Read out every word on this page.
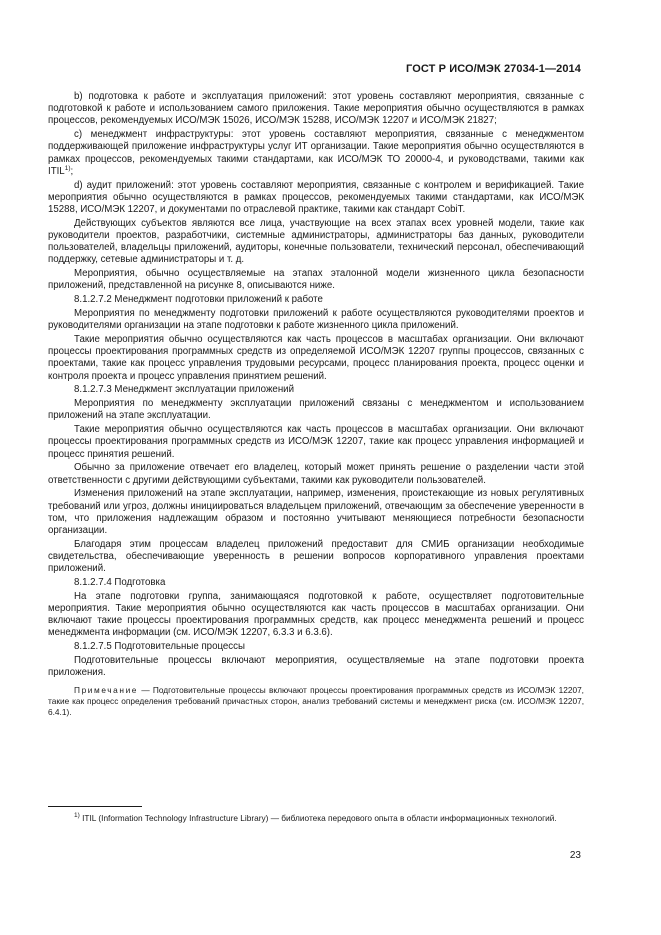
ГОСТ Р ИСО/МЭК 27034-1—2014

b) подготовка к работе и эксплуатация приложений: этот уровень составляют мероприятия, связанные с подготовкой к работе и использованием самого приложения. Такие мероприятия обычно осуществляются в рамках процессов, рекомендуемых ИСО/МЭК 15026, ИСО/МЭК 15288, ИСО/МЭК 12207 и ИСО/МЭК 21827;

c) менеджмент инфраструктуры: этот уровень составляют мероприятия, связанные с менеджментом поддерживающей приложение инфраструктуры услуг ИТ организации. Такие мероприятия обычно осуществляются в рамках процессов, рекомендуемых такими стандартами, как ИСО/МЭК ТО 20000-4, и руководствами, такими как ITIL$^{1)}$;

d) аудит приложений: этот уровень составляют мероприятия, связанные с контролем и верификацией. Такие мероприятия обычно осуществляются в рамках процессов, рекомендуемых такими стандартами, как ИСО/МЭК 15288, ИСО/МЭК 12207, и документами по отраслевой практике, такими как стандарт CobiT.

Действующих субъектов являются все лица, участвующие на всех этапах всех уровней модели, такие как руководители проектов, разработчики, системные администраторы, администраторы баз данных, руководители пользователей, владельцы приложений, аудиторы, конечные пользователи, технический персонал, обеспечивающий поддержку, сетевые администраторы и т. д.

Мероприятия, обычно осуществляемые на этапах эталонной модели жизненного цикла безопасности приложений, представленной на рисунке 8, описываются ниже.

8.1.2.7.2 Менеджмент подготовки приложений к работе

Мероприятия по менеджменту подготовки приложений к работе осуществляются руководителями проектов и руководителями организации на этапе подготовки к работе жизненного цикла приложений.

Такие мероприятия обычно осуществляются как часть процессов в масштабах организации. Они включают процессы проектирования программных средств из определяемой ИСО/МЭК 12207 группы процессов, связанных с проектами, такие как процесс управления трудовыми ресурсами, процесс планирования проекта, процесс оценки и контроля проекта и процесс управления принятием решений.

8.1.2.7.3 Менеджмент эксплуатации приложений

Мероприятия по менеджменту эксплуатации приложений связаны с менеджментом и использованием приложений на этапе эксплуатации.

Такие мероприятия обычно осуществляются как часть процессов в масштабах организации. Они включают процессы проектирования программных средств из ИСО/МЭК 12207, такие как процесс управления информацией и процесс принятия решений.

Обычно за приложение отвечает его владелец, который может принять решение о разделении части этой ответственности с другими действующими субъектами, такими как руководители пользователей.

Изменения приложений на этапе эксплуатации, например, изменения, проистекающие из новых регулятивных требований или угроз, должны инициироваться владельцем приложений, отвечающим за обеспечение уверенности в том, что приложения надлежащим образом и постоянно учитывают меняющиеся потребности безопасности организации.

Благодаря этим процессам владелец приложений предоставит для СМИБ организации необходимые свидетельства, обеспечивающие уверенность в решении вопросов корпоративного управления проектами приложений.

8.1.2.7.4 Подготовка

На этапе подготовки группа, занимающаяся подготовкой к работе, осуществляет подготовительные мероприятия. Такие мероприятия обычно осуществляются как часть процессов в масштабах организации. Они включают такие процессы проектирования программных средств, как процесс менеджмента решений и процесс менеджмента информации (см. ИСО/МЭК 12207, 6.3.3 и 6.3.6).

8.1.2.7.5 Подготовительные процессы

Подготовительные процессы включают мероприятия, осуществляемые на этапе подготовки проекта приложения.

Примечание — Подготовительные процессы включают процессы проектирования программных средств из ИСО/МЭК 12207, такие как процесс определения требований причастных сторон, анализ требований системы и менеджмент риска (см. ИСО/МЭК 12207, 6.4.1).

$^{1)}$ ITIL (Information Technology Infrastructure Library) — библиотека передового опыта в области информационных технологий.
23
